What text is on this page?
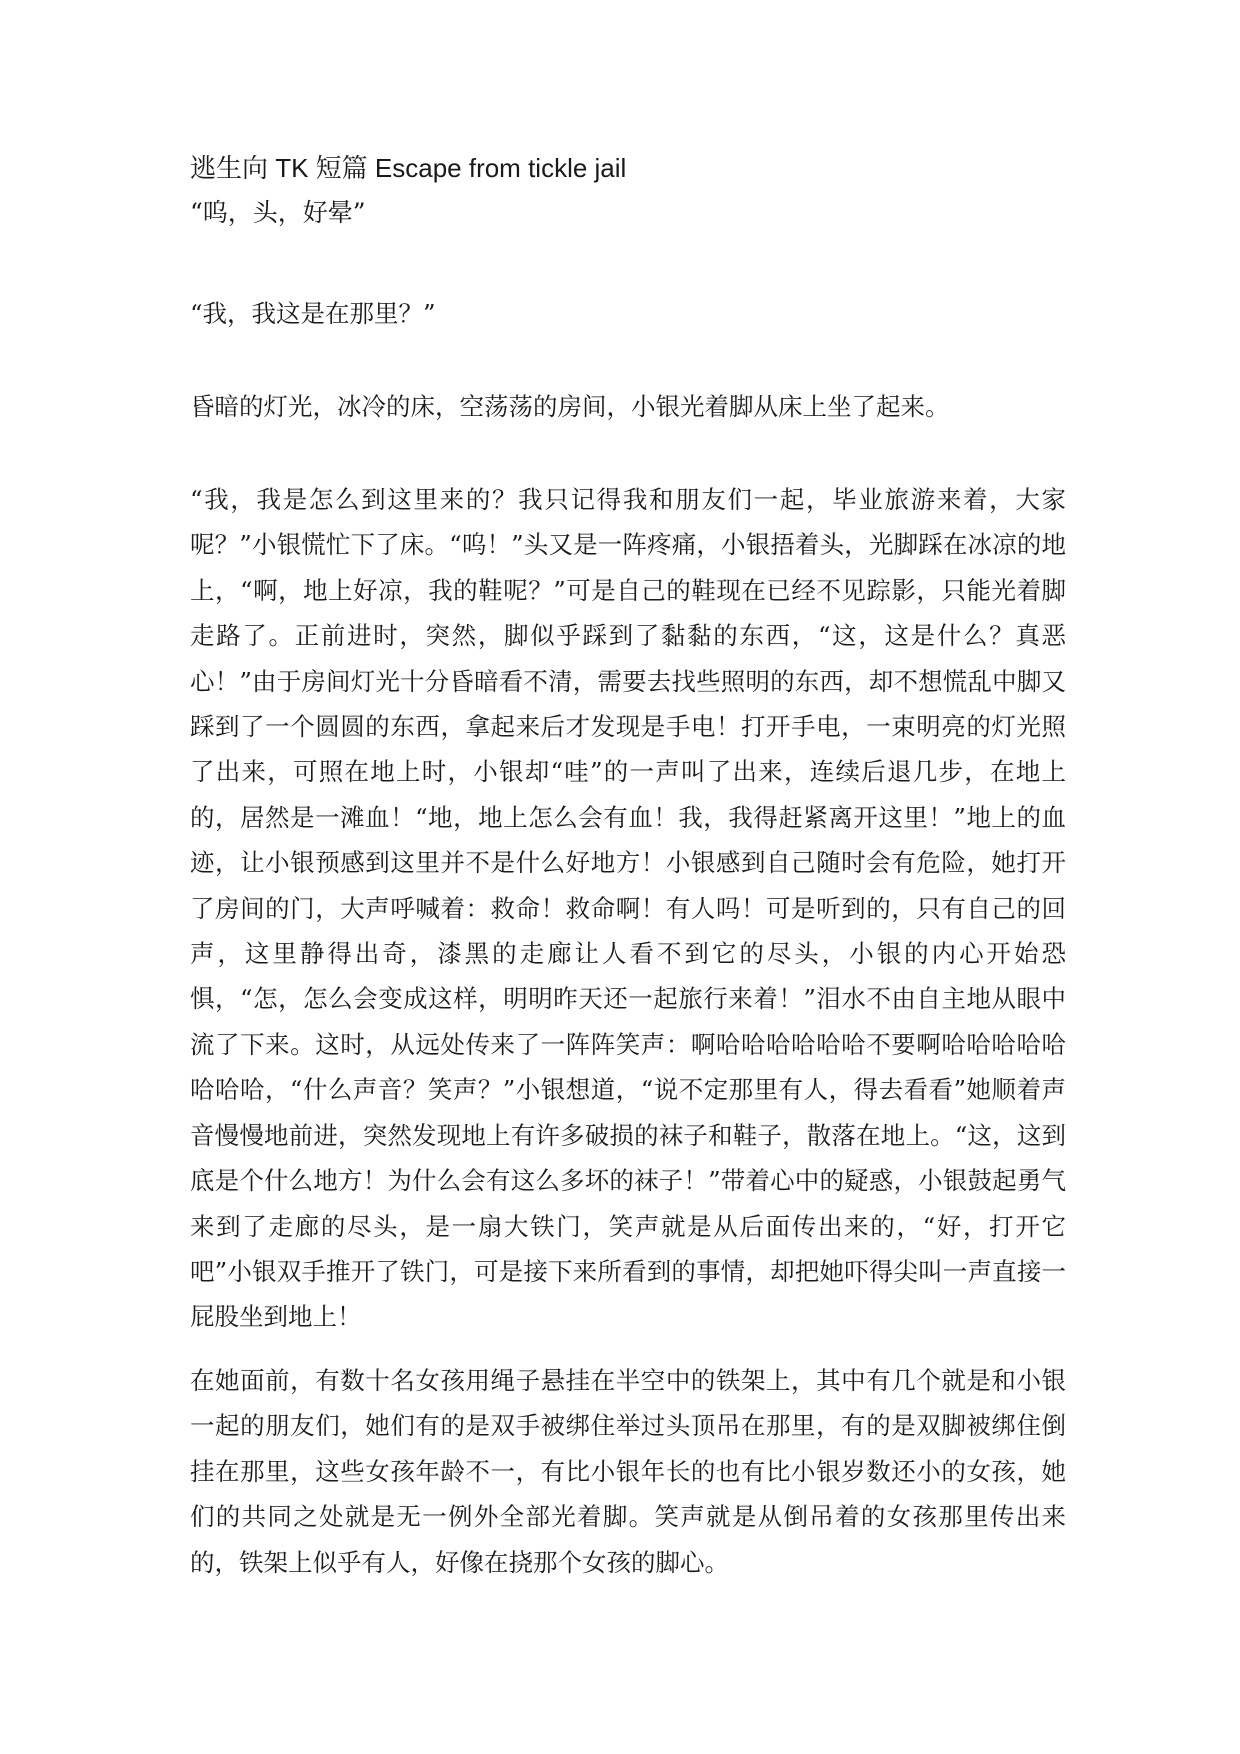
逃生向 TK 短篇 Escape from tickle jail
“呜，头，好晕”

“我，我这是在那里？”

昏暗的灯光，冰冷的床，空荡荡的房间，小银光着脚从床上坐了起来。

“我，我是怎么到这里来的？我只记得我和朋友们一起，毕业旅游来着，大家呢？”小银慌忙下了床。“呜！”头又是一阵疼痛，小银捂着头，光脚踩在冰凉的地上，“啊，地上好凉，我的鞋呢？”可是自己的鞋现在已经不见踪影，只能光着脚走路了。正前进时，突然，脚似乎踩到了黏黏的东西，“这，这是什么？真恶心！”由于房间灯光十分昏暗看不清，需要去找些照明的东西，却不想慌乱中脚又踩到了一个圆圆的东西，拿起来后才发现是手电！打开手电，一束明亮的灯光照了出来，可照在地上时，小银却“哇”的一声叫了出来，连续后退几步，在地上的，居然是一滩血！“地，地上怎么会有血！我，我得赶紧离开这里！”地上的血迹，让小银预感到这里并不是什么好地方！小银感到自己随时会有危险，她打开了房间的门，大声呼喊着：救命！救命啊！有人吗！可是听到的，只有自己的回声，这里静得出奇，漆黑的走廊让人看不到它的尽头，小银的内心开始恐惧，“怎，怎么会变成这样，明明昨天还一起旅行来着！”泪水不由自主地从眼中流了下来。这时，从远处传来了一阵阵笑声：啊哈哈哈哈哈哈不要啊哈哈哈哈哈哈哈哈，“什么声音？笑声？”小银想道，“说不定那里有人，得去看看”她顺着声音慢慢地前进，突然发现地上有许多破损的袜子和鞋子，散落在地上。“这，这到底是个什么地方！为什么会有这么多坏的袜子！”带着心中的疑惑，小银鼓起勇气来到了走廊的尽头，是一扇大铁门，笑声就是从后面传出来的，“好，打开它吧”小银双手推开了铁门，可是接下来所看到的事情，却把她吓得尖叫一声直接一屁股坐到地上！

在她面前，有数十名女孩用绳子悬挂在半空中的铁架上，其中有几个就是和小银一起的朋友们，她们有的是双手被绑住举过头顶吊在那里，有的是双脚被绑住倒挂在那里，这些女孩年龄不一，有比小银年长的也有比小银岁数还小的女孩，她们的共同之处就是无一例外全部光着脚。笑声就是从倒吊着的女孩那里传出来的，铁架上似乎有人，好像在挠那个女孩的脚心。
